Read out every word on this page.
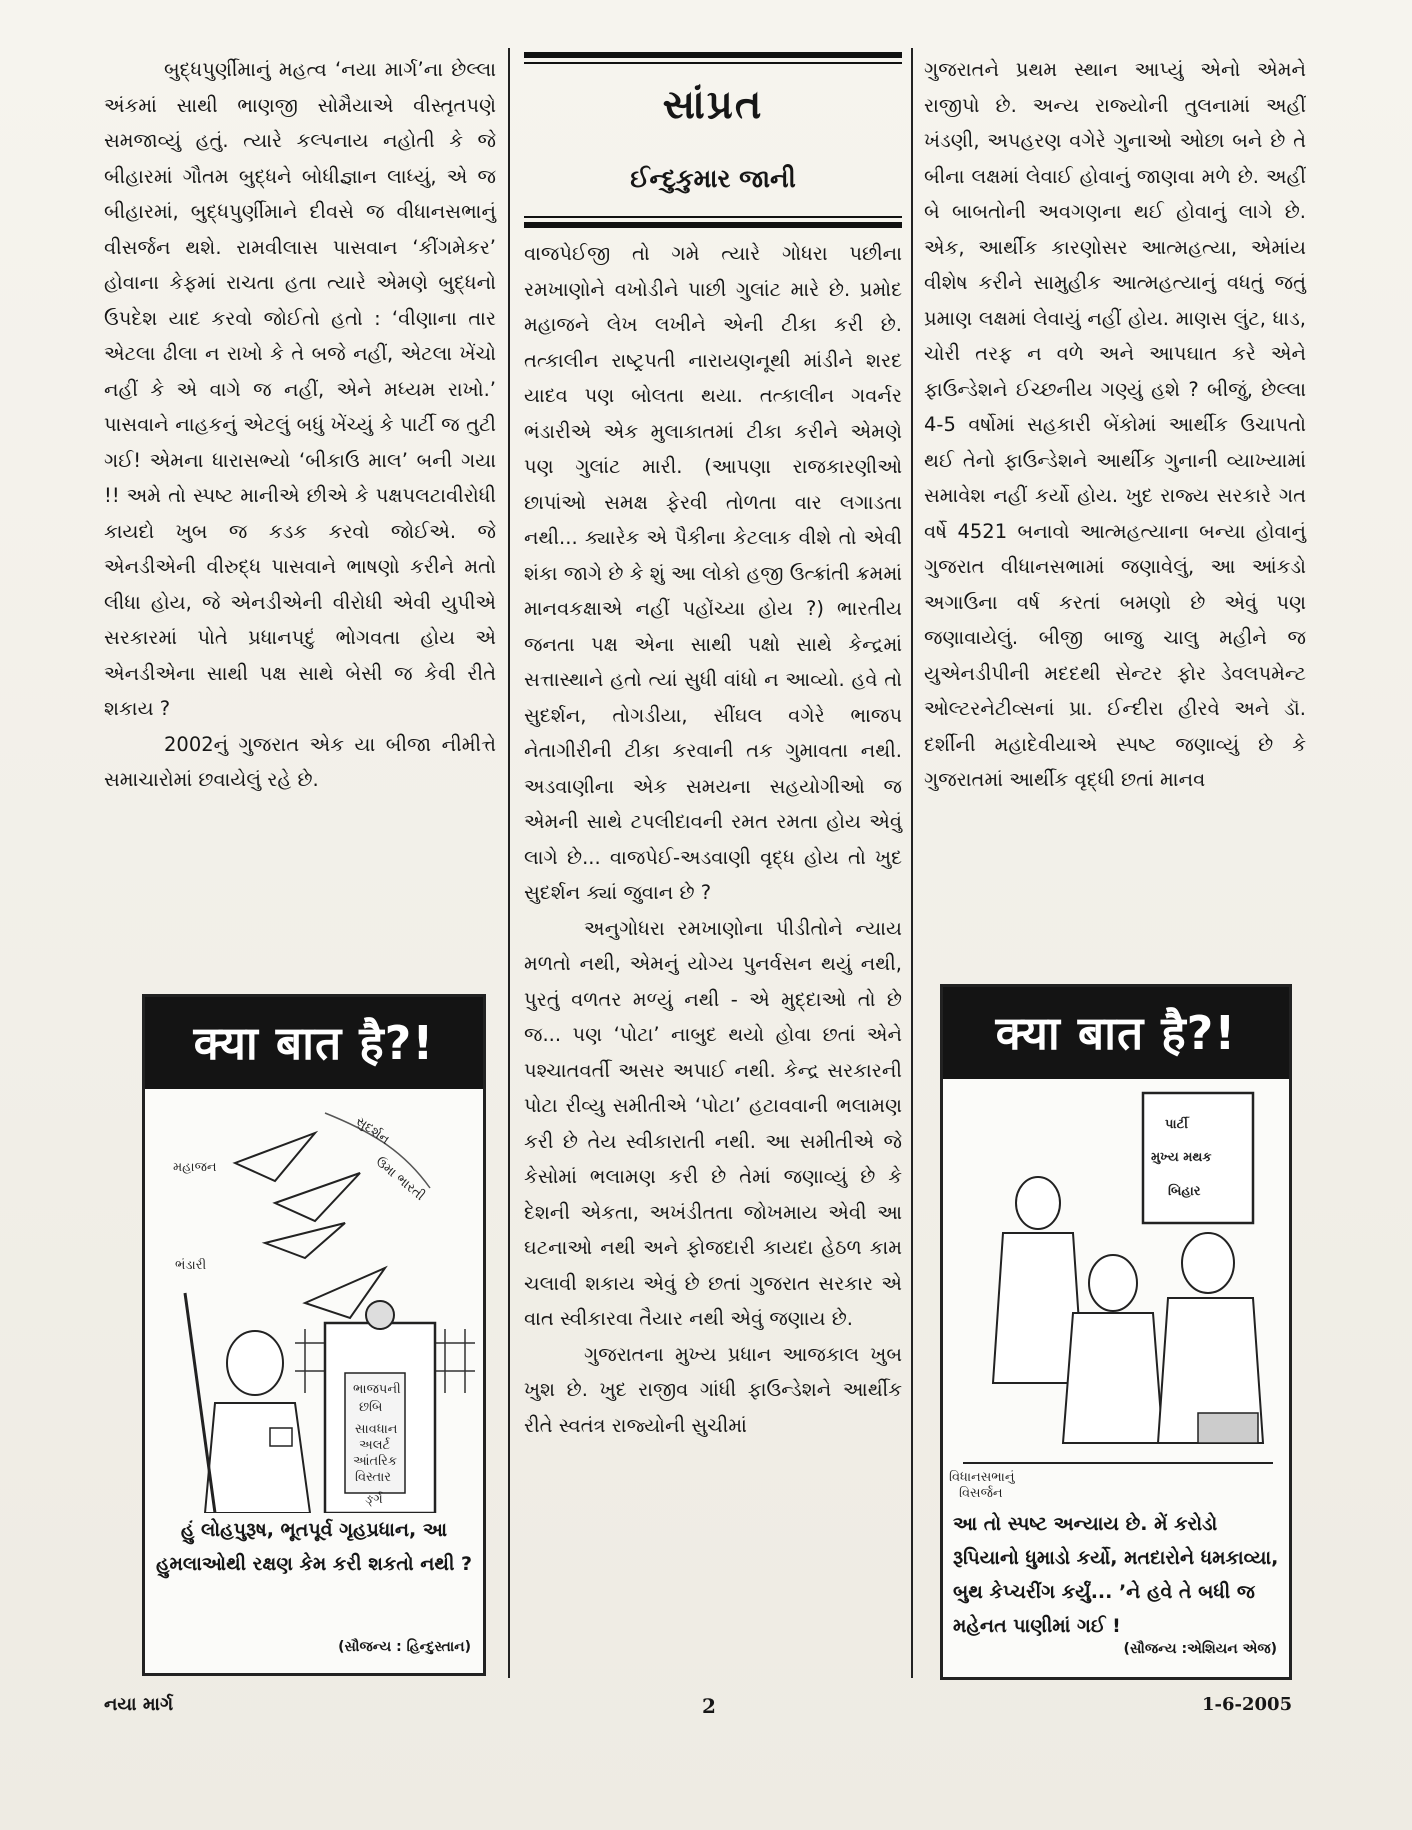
બુદ્ધપુર્ણીમાનું મહત્વ ‘નયા માર્ગ’ના છેલ્લા અંકમાં સાથી ભાણજી સોમૈયાએ વીસ્તૃતપણે સમજાવ્યું હતું. ત્યારે કલ્પનાય નહોતી કે જે બીહારમાં ગૌતમ બુદ્ધને બોધીજ્ઞાન લાધ્યું, એ જ બીહારમાં, બુદ્ધપુર્ણીમાને દીવસે જ વીધાનસભાનું વીસર્જન થશે. રામવીલાસ પાસવાન ‘કીંગમેકર’ હોવાના કેફમાં રાચતા હતા ત્યારે એમણે બુદ્ધનો ઉપદેશ યાદ કરવો જોઈતો હતો : ‘વીણાના તાર એટલા ઢીલા ન રાખો કે તે બજે નહીં, એટલા ખેંચો નહીં કે એ વાગે જ નહીં, એને મધ્યમ રાખો.’ પાસવાને નાહકનું એટલું બધું ખેંચ્યું કે પાર્ટી જ તુટી ગઈ! એમના ધારાસભ્યો ‘બીકાઉ માલ’ બની ગયા !! અમે તો સ્પષ્ટ માનીએ છીએ કે પક્ષપલટાવીરોધી કાયદો ખુબ જ કડક કરવો જોઈએ. જે એનડીએની વીરુદ્ધ પાસવાને ભાષણો કરીને મતો લીધા હોય, જે એનડીએની વીરોધી એવી યુપીએ સરકારમાં પોતે પ્રધાનપદું ભોગવતા હોય એ એનડીએના સાથી પક્ષ સાથે બેસી જ કેવી રીતે શકાય ?

2002નું ગુજરાત એક યા બીજા નીમીત્તે સમાચારોમાં છવાયેલું રહે છે.

સાંપ્રત
ઈન્દુકુમાર જાની

વાજપેઈજી તો ગમે ત્યારે ગોધરા પછીના રમખાણોને વખોડીને પાછી ગુલાંટ મારે છે. પ્રમોદ મહાજને લેખ લખીને એની ટીકા કરી છે. તત્કાલીન રાષ્ટ્રપતી નારાયણનૂથી માંડીને શરદ યાદવ પણ બોલતા થયા. તત્કાલીન ગવર્નર ભંડારીએ એક મુલાકાતમાં ટીકા કરીને એમણે પણ ગુલાંટ મારી. (આપણા રાજકારણીઓ છાપાંઓ સમક્ષ ફેરવી તોળતા વાર લગાડતા નથી... ક્યારેક એ પૈકીના કેટલાક વીશે તો એવી શંકા જાગે છે કે શું આ લોકો હજી ઉત્ક્રાંતી ક્રમમાં માનવકક્ષાએ નહીં પહોંચ્યા હોય ?) ભારતીય જનતા પક્ષ એના સાથી પક્ષો સાથે કેન્દ્રમાં સત્તાસ્થાને હતો ત્યાં સુધી વાંધો ન આવ્યો. હવે તો સુદર્શન, તોગડીયા, સીંઘલ વગેરે ભાજપ નેતાગીરીની ટીકા કરવાની તક ગુમાવતા નથી. અડવાણીના એક સમયના સહયોગીઓ જ એમની સાથે ટપલીદાવની રમત રમતા હોય એવું લાગે છે... વાજપેઈ-અડવાણી વૃદ્ધ હોય તો ખુદ સુદર્શન ક્યાં જુવાન છે ?

અનુગોધરા રમખાણોના પીડીતોને ન્યાય મળતો નથી, એમનું યોગ્ય પુનર્વસન થયું નથી, પુરતું વળતર મળ્યું નથી - એ મુદ્દાઓ તો છે જ... પણ ‘પોટા’ નાબુદ થયો હોવા છતાં એને પશ્ચાતવર્તી અસર અપાઈ નથી. કેન્દ્ર સરકારની પોટા રીવ્યુ સમીતીએ ‘પોટા’ હટાવવાની ભલામણ કરી છે તેય સ્વીકારાતી નથી. આ સમીતીએ જે કેસોમાં ભલામણ કરી છે તેમાં જણાવ્યું છે કે દેશની એકતા, અખંડીતતા જોખમાય એવી આ ઘટનાઓ નથી અને ફોજદારી કાયદા હેઠળ કામ ચલાવી શકાય એવું છે છતાં ગુજરાત સરકાર એ વાત સ્વીકારવા તૈયાર નથી એવું જણાય છે.

ગુજરાતના મુખ્ય પ્રધાન આજકાલ ખુબ ખુશ છે. ખુદ રાજીવ ગાંધી ફાઉન્ડેશને આર્થીક રીતે સ્વતંત્ર રાજ્યોની સુચીમાં

ગુજરાતને પ્રથમ સ્થાન આપ્યું એનો એમને રાજીપો છે. અન્ય રાજ્યોની તુલનામાં અહીં ખંડણી, અપહરણ વગેરે ગુનાઓ ઓછા બને છે તે બીના લક્ષમાં લેવાઈ હોવાનું જાણવા મળે છે. અહીં બે બાબતોની અવગણના થઈ હોવાનું લાગે છે. એક, આર્થીક કારણોસર આત્મહત્યા, એમાંય વીશેષ કરીને સામુહીક આત્મહત્યાનું વધતું જતું પ્રમાણ લક્ષમાં લેવાયું નહીં હોય. માણસ લુંટ, ધાડ, ચોરી તરફ ન વળે અને આપઘાત કરે એને ફાઉન્ડેશને ઈચ્છનીય ગણ્યું હશે ? બીજું, છેલ્લા 4-5 વર્ષોમાં સહકારી બેંકોમાં આર્થીક ઉચાપતો થઈ તેનો ફાઉન્ડેશને આર્થીક ગુનાની વ્યાખ્યામાં સમાવેશ નહીં કર્યો હોય. ખુદ રાજ્ય સરકારે ગત વર્ષે 4521 બનાવો આત્મહત્યાના બન્યા હોવાનું ગુજરાત વીધાનસભામાં જણાવેલું, આ આંકડો અગાઉના વર્ષ કરતાં બમણો છે એવું પણ જણાવાયેલું. બીજી બાજુ ચાલુ મહીને જ યુએનડીપીની મદદથી સેન્ટર ફોર ડેવલપમેન્ટ ઓલ્ટરનેટીવ્સનાં પ્રા. ઈન્દીરા હીરવે અને ડૉ. દર્શીની મહાદેવીયાએ સ્પષ્ટ જણાવ્યું છે કે ગુજરાતમાં આર્થીક વૃદ્ધી છતાં માનવ

क्या बात है?!
મહાજન
સુદર્શન
ઉમા ભારતી
ભંડારી
ભાજપની
છબિ
સાવધાન
અલર્ટ
આંતરિક
વિસ્તાર
ર્ઙ્ગ
હું લોહપુરૂષ, ભૂતપૂર્વ ગૃહપ્રધાન, આ હુમલાઓથી રક્ષણ કેમ કરી શકતો નથી ?
(સૌજન્ય : હિન્દુસ્તાન)
क्या बात है?!
પાર્ટી
મુખ્ય મથક
બિહાર
વિધાનસભાનું
વિસર્જન
આ તો સ્પષ્ટ અન્યાય છે. મેં કરોડો રૂપિયાનો ધુમાડો કર્યો, મતદારોને ધમકાવ્યા, બુથ કેપ્ચરીંગ કર્યું... ’ને હવે તે બધી જ મહેનત પાણીમાં ગઈ !
(સૌજન્ય :એશિયન એજ)
નયા માર્ગ	2	1-6-2005
